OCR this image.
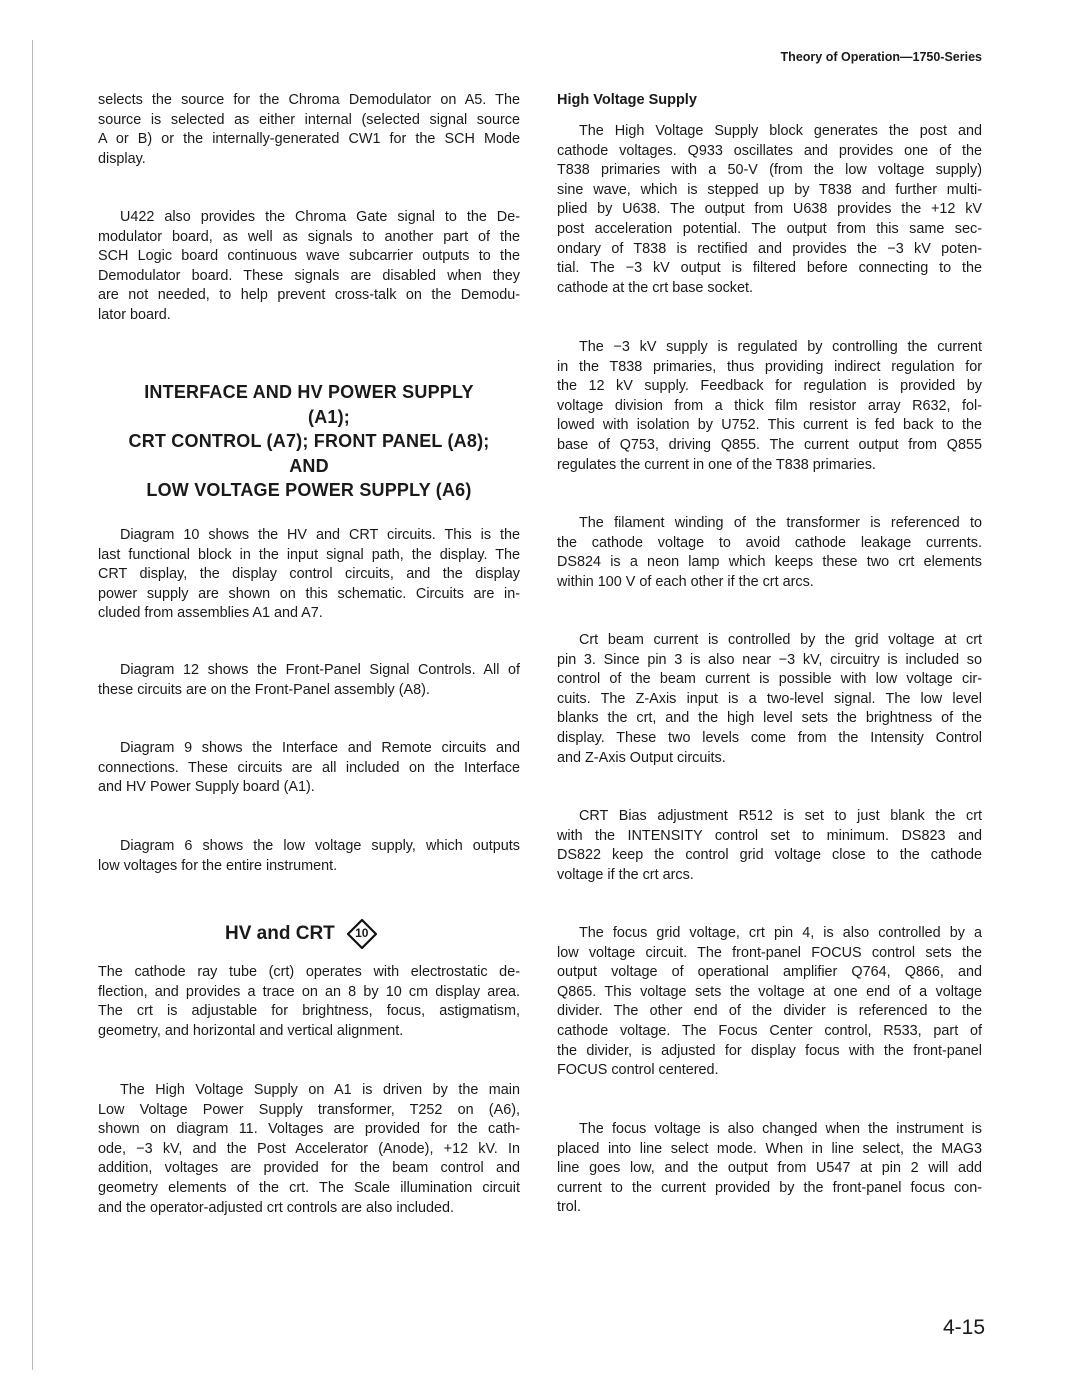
Theory of Operation—1750-Series
selects the source for the Chroma Demodulator on A5. The
source is selected as either internal (selected signal source
A or B) or the internally-generated CW1 for the SCH Mode
display.
U422 also provides the Chroma Gate signal to the De-
modulator board, as well as signals to another part of the
SCH Logic board continuous wave subcarrier outputs to the
Demodulator board. These signals are disabled when they
are not needed, to help prevent cross-talk on the Demodu-
lator board.
INTERFACE AND HV POWER SUPPLY
(A1);
CRT CONTROL (A7); FRONT PANEL (A8);
AND
LOW VOLTAGE POWER SUPPLY (A6)
Diagram 10 shows the HV and CRT circuits. This is the
last functional block in the input signal path, the display. The
CRT display, the display control circuits, and the display
power supply are shown on this schematic. Circuits are in-
cluded from assemblies A1 and A7.
Diagram 12 shows the Front-Panel Signal Controls. All of
these circuits are on the Front-Panel assembly (A8).
Diagram 9 shows the Interface and Remote circuits and
connections. These circuits are all included on the Interface
and HV Power Supply board (A1).
Diagram 6 shows the low voltage supply, which outputs
low voltages for the entire instrument.
HV and CRT	10
The cathode ray tube (crt) operates with electrostatic de-
flection, and provides a trace on an 8 by 10 cm display area.
The crt is adjustable for brightness, focus, astigmatism,
geometry, and horizontal and vertical alignment.
The High Voltage Supply on A1 is driven by the main
Low Voltage Power Supply transformer, T252 on (A6),
shown on diagram 11. Voltages are provided for the cath-
ode, −3 kV, and the Post Accelerator (Anode), +12 kV. In
addition, voltages are provided for the beam control and
geometry elements of the crt. The Scale illumination circuit
and the operator-adjusted crt controls are also included.
High Voltage Supply
The High Voltage Supply block generates the post and
cathode voltages. Q933 oscillates and provides one of the
T838 primaries with a 50-V (from the low voltage supply)
sine wave, which is stepped up by T838 and further multi-
plied by U638. The output from U638 provides the +12 kV
post acceleration potential. The output from this same sec-
ondary of T838 is rectified and provides the −3 kV poten-
tial. The −3 kV output is filtered before connecting to the
cathode at the crt base socket.
The −3 kV supply is regulated by controlling the current
in the T838 primaries, thus providing indirect regulation for
the 12 kV supply. Feedback for regulation is provided by
voltage division from a thick film resistor array R632, fol-
lowed with isolation by U752. This current is fed back to the
base of Q753, driving Q855. The current output from Q855
regulates the current in one of the T838 primaries.
The filament winding of the transformer is referenced to
the cathode voltage to avoid cathode leakage currents.
DS824 is a neon lamp which keeps these two crt elements
within 100 V of each other if the crt arcs.
Crt beam current is controlled by the grid voltage at crt
pin 3. Since pin 3 is also near −3 kV, circuitry is included so
control of the beam current is possible with low voltage cir-
cuits. The Z-Axis input is a two-level signal. The low level
blanks the crt, and the high level sets the brightness of the
display. These two levels come from the Intensity Control
and Z-Axis Output circuits.
CRT Bias adjustment R512 is set to just blank the crt
with the INTENSITY control set to minimum. DS823 and
DS822 keep the control grid voltage close to the cathode
voltage if the crt arcs.
The focus grid voltage, crt pin 4, is also controlled by a
low voltage circuit. The front-panel FOCUS control sets the
output voltage of operational amplifier Q764, Q866, and
Q865. This voltage sets the voltage at one end of a voltage
divider. The other end of the divider is referenced to the
cathode voltage. The Focus Center control, R533, part of
the divider, is adjusted for display focus with the front-panel
FOCUS control centered.
The focus voltage is also changed when the instrument is
placed into line select mode. When in line select, the MAG3
line goes low, and the output from U547 at pin 2 will add
current to the current provided by the front-panel focus con-
trol.
4-15
